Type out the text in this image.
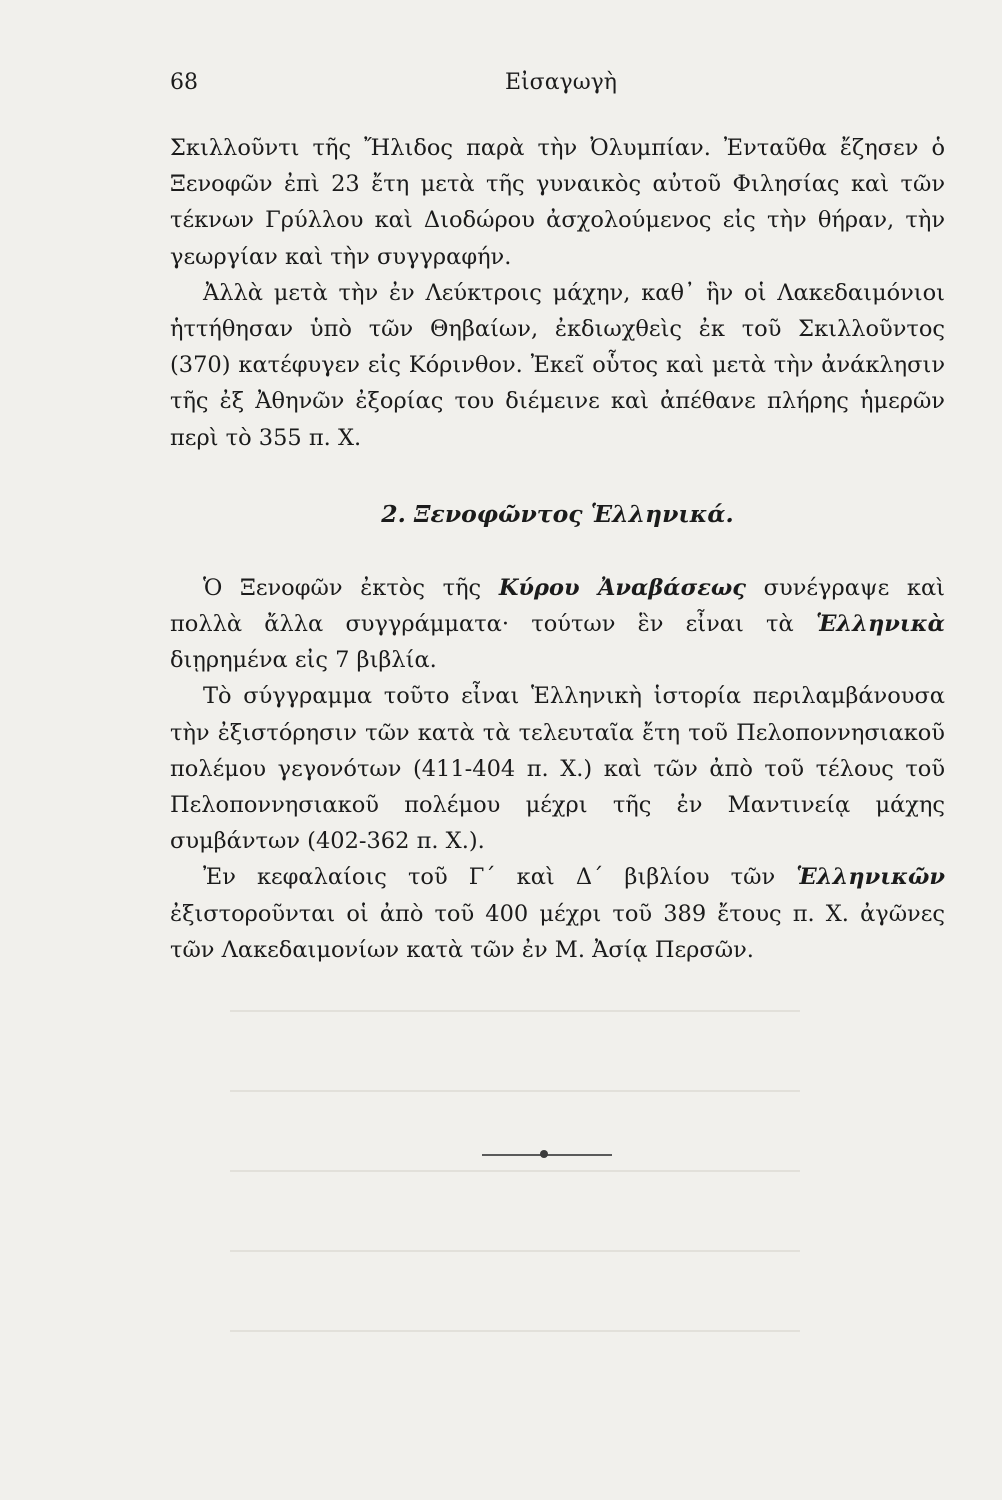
68	Εἰσαγωγὴ

Σκιλλοῦντι τῆς Ἤλιδος παρὰ τὴν Ὀλυμπίαν. Ἐνταῦθα ἔζησεν ὁ Ξενοφῶν ἐπὶ 23 ἔτη μετὰ τῆς γυναικὸς αὐτοῦ Φιλησίας καὶ τῶν τέκνων Γρύλλου καὶ Διοδώρου ἀσχολούμενος εἰς τὴν θήραν, τὴν γεωργίαν καὶ τὴν συγγραφήν.

Ἀλλὰ μετὰ τὴν ἐν Λεύκτροις μάχην, καθ᾽ ἣν οἱ Λακεδαιμόνιοι ἡττήθησαν ὑπὸ τῶν Θηβαίων, ἐκδιωχθεὶς ἐκ τοῦ Σκιλλοῦντος (370) κατέφυγεν εἰς Κόρινθον. Ἐκεῖ οὗτος καὶ μετὰ τὴν ἀνάκλησιν τῆς ἐξ Ἀθηνῶν ἐξορίας του διέμεινε καὶ ἀπέθανε πλήρης ἡμερῶν περὶ τὸ 355 π. Χ.

2. Ξενοφῶντος Ἑλληνικά.

Ὁ Ξενοφῶν ἐκτὸς τῆς Κύρου Ἀναβάσεως συνέγραψε καὶ πολλὰ ἄλλα συγγράμματα· τούτων ἓν εἶναι τὰ Ἑλληνικὰ διῃρημένα εἰς 7 βιβλία.

Τὸ σύγγραμμα τοῦτο εἶναι Ἑλληνικὴ ἱστορία περιλαμβάνουσα τὴν ἐξιστόρησιν τῶν κατὰ τὰ τελευταῖα ἔτη τοῦ Πελοποννησιακοῦ πολέμου γεγονότων (411-404 π. Χ.) καὶ τῶν ἀπὸ τοῦ τέλους τοῦ Πελοποννησιακοῦ πολέμου μέχρι τῆς ἐν Μαντινείᾳ μάχης συμβάντων (402-362 π. Χ.).

Ἐν κεφαλαίοις τοῦ Γ´ καὶ Δ´ βιβλίου τῶν Ἑλληνικῶν ἐξιστοροῦνται οἱ ἀπὸ τοῦ 400 μέχρι τοῦ 389 ἔτους π. Χ. ἀγῶνες τῶν Λακεδαιμονίων κατὰ τῶν ἐν Μ. Ἀσίᾳ Περσῶν.
